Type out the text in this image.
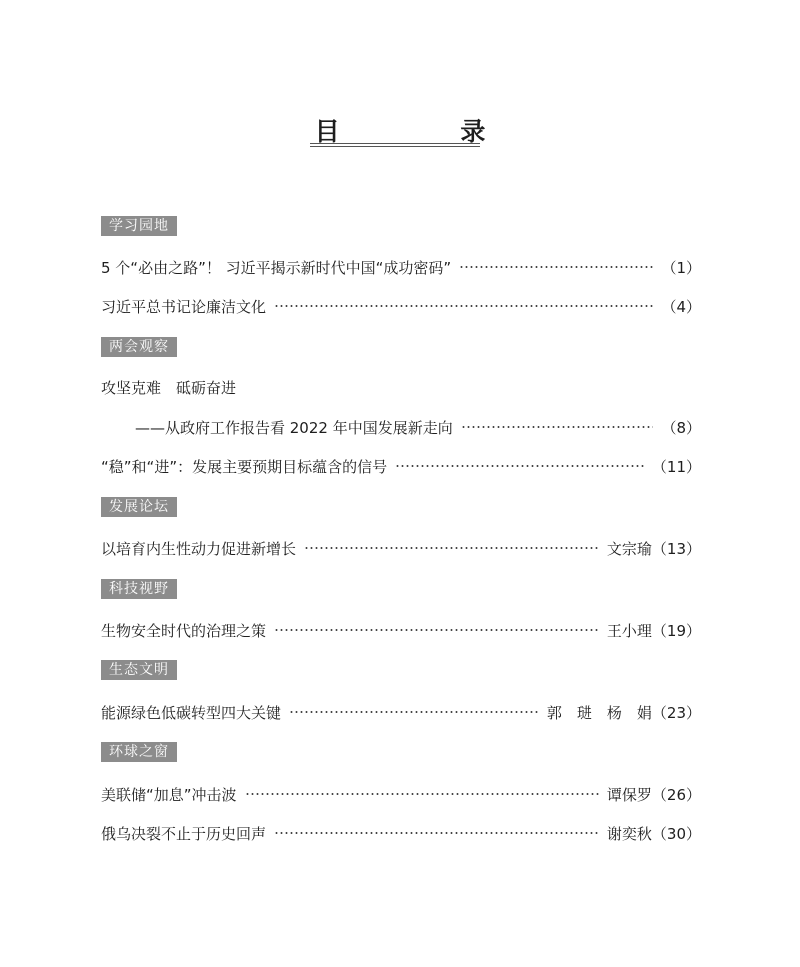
目 录
学习园地
5 个“必由之路”！ 习近平揭示新时代中国“成功密码”	（1）
习近平总书记论廉洁文化	（4）
两会观察
攻坚克难　砥砺奋进
——从政府工作报告看 2022 年中国发展新走向	（8）
“稳”和“进”：发展主要预期目标蕴含的信号	（11）
发展论坛
以培育内生性动力促进新增长	文宗瑜 （13）
科技视野
生物安全时代的治理之策	王小理 （19）
生态文明
能源绿色低碳转型四大关键	郭　琎　杨　娟 （23）
环球之窗
美联储“加息”冲击波	谭保罗 （26）
俄乌决裂不止于历史回声	谢奕秋 （30）
